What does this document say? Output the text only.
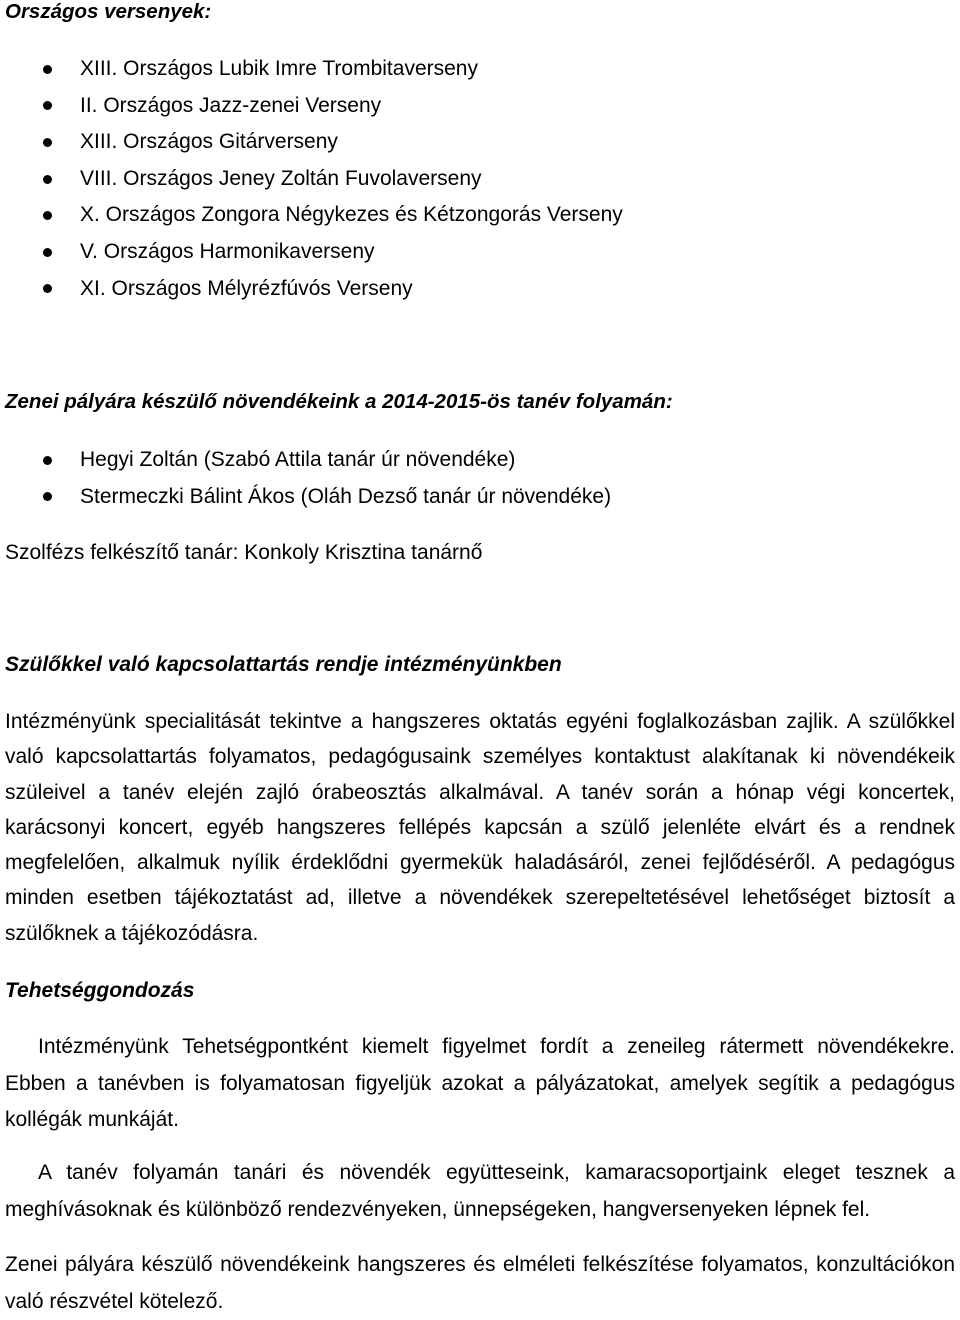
Országos versenyek:
XIII. Országos Lubik Imre Trombitaverseny
II. Országos Jazz-zenei Verseny
XIII. Országos Gitárverseny
VIII. Országos Jeney Zoltán Fuvolaverseny
X. Országos Zongora Négykezes és Kétzongorás Verseny
V. Országos Harmonikaverseny
XI. Országos Mélyrézfúvós Verseny
Zenei pályára készülő növendékeink a 2014-2015-ös tanév folyamán:
Hegyi Zoltán (Szabó Attila tanár úr növendéke)
Stermeczki Bálint Ákos (Oláh Dezső tanár úr növendéke)

Szolfézs felkészítő tanár: Konkoly Krisztina tanárnő

Szülőkkel való kapcsolattartás rendje intézményünkben

Intézményünk specialitását tekintve a hangszeres oktatás egyéni foglalkozásban zajlik. A szülőkkel való kapcsolattartás folyamatos, pedagógusaink személyes kontaktust alakítanak ki növendékeik szüleivel a tanév elején zajló órabeosztás alkalmával. A tanév során a hónap végi koncertek, karácsonyi koncert, egyéb hangszeres fellépés kapcsán a szülő jelenléte elvárt és a rendnek megfelelően, alkalmuk nyílik érdeklődni gyermekük haladásáról, zenei fejlődéséről. A pedagógus minden esetben tájékoztatást ad, illetve a növendékek szerepeltetésével lehetőséget biztosít a szülőknek a tájékozódásra.

Tehetséggondozás

Intézményünk Tehetségpontként kiemelt figyelmet fordít a zeneileg rátermett növendékekre. Ebben a tanévben is folyamatosan figyeljük azokat a pályázatokat, amelyek segítik a pedagógus kollégák munkáját.

A tanév folyamán tanári és növendék együtteseink, kamaracsoportjaink eleget tesznek a meghívásoknak és különböző rendezvényeken, ünnepségeken, hangversenyeken lépnek fel.

Zenei pályára készülő növendékeink hangszeres és elméleti felkészítése folyamatos, konzultációkon való részvétel kötelező.
